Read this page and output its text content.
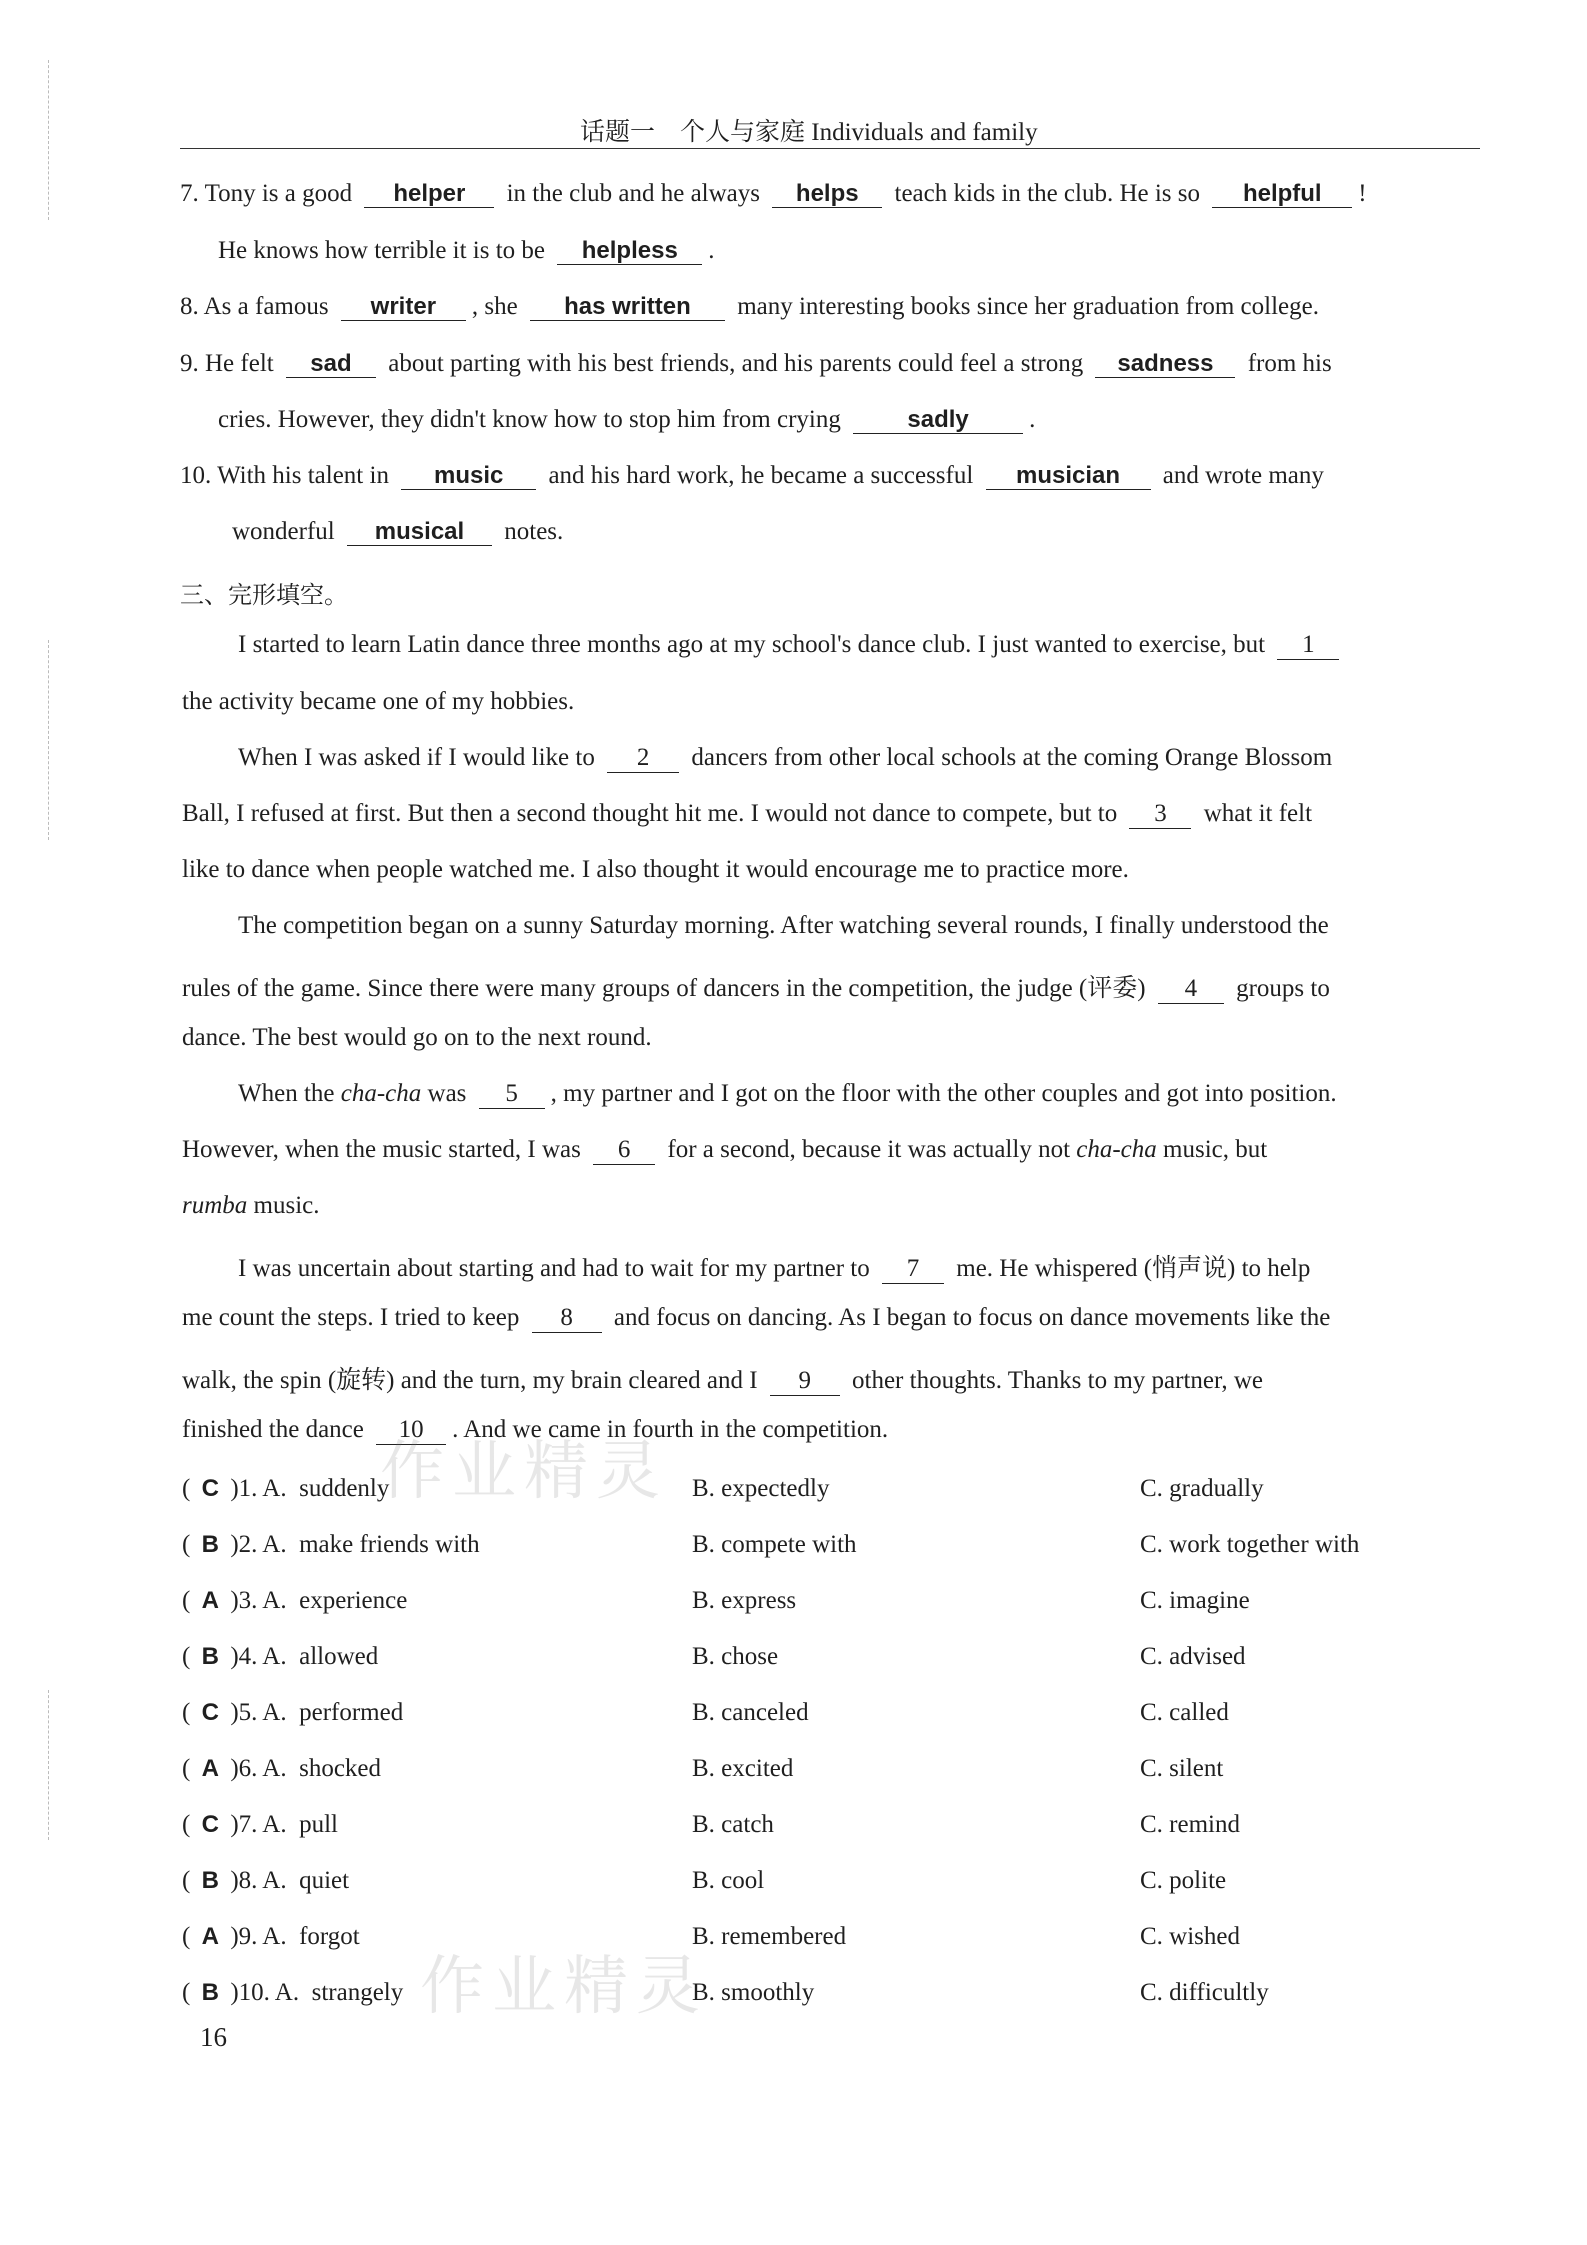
话题一　个人与家庭 Individuals and family
7. Tony is a good helper in the club and he always helps teach kids in the club. He is so helpful !
He knows how terrible it is to be helpless .
8. As a famous writer , she has written many interesting books since her graduation from college.
9. He felt sad about parting with his best friends, and his parents could feel a strong sadness from his
cries. However, they didn't know how to stop him from crying	sadly .
10. With his talent in music and his hard work, he became a successful musician and wrote many
wonderful musical notes.
三、完形填空。
I started to learn Latin dance three months ago at my school's dance club. I just wanted to exercise, but 1
the activity became one of my hobbies.
When I was asked if I would like to 2 dancers from other local schools at the coming Orange Blossom
Ball, I refused at first. But then a second thought hit me. I would not dance to compete, but to 3 what it felt
like to dance when people watched me. I also thought it would encourage me to practice more.
The competition began on a sunny Saturday morning. After watching several rounds, I finally understood the
rules of the game. Since there were many groups of dancers in the competition, the judge (评委) 4 groups to
dance. The best would go on to the next round.
When the cha-cha was 5 , my partner and I got on the floor with the other couples and got into position.
However, when the music started, I was 6 for a second, because it was actually not cha-cha music, but
rumba music.
I was uncertain about starting and had to wait for my partner to 7 me. He whispered (悄声说) to help
me count the steps. I tried to keep 8 and focus on dancing. As I began to focus on dance movements like the
walk, the spin (旋转) and the turn, my brain cleared and I 9 other thoughts. Thanks to my partner, we
finished the dance 10 . And we came in fourth in the competition.
( C )1. A. suddenly	B. expectedly	C. gradually
( B )2. A. make friends with	B. compete with	C. work together with
( A )3. A. experience	B. express	C. imagine
( B )4. A. allowed	B. chose	C. advised
( C )5. A. performed	B. canceled	C. called
( A )6. A. shocked	B. excited	C. silent
( C )7. A. pull	B. catch	C. remind
( B )8. A. quiet	B. cool	C. polite
( A )9. A. forgot	B. remembered	C. wished
( B )10. A. strangely	B. smoothly	C. difficultly
作业精灵
作业精灵
16
